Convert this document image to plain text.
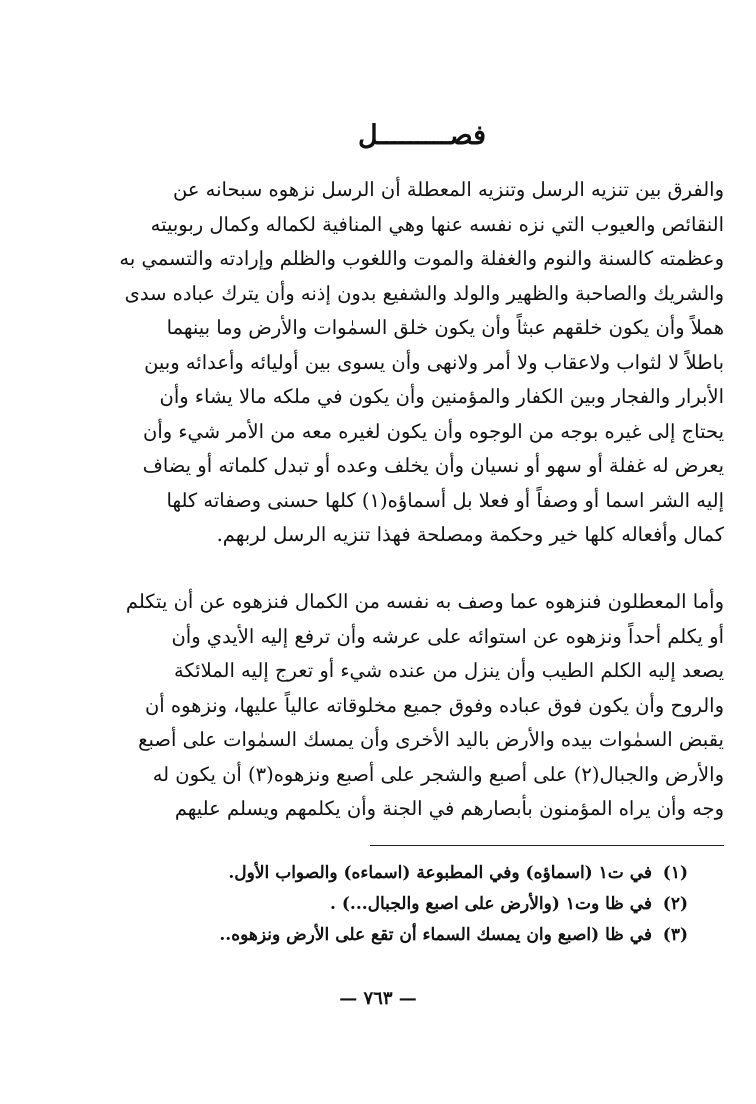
فصـــــــــل
والفرق بين تنزيه الرسل وتنزيه المعطلة أن الرسل نزهوه سبحانه عن
النقائص والعيوب التي نزه نفسه عنها وهي المنافية لكماله وكمال ربوبيته
وعظمته كالسنة والنوم والغفلة والموت واللغوب والظلم وإرادته والتسمي به
والشريك والصاحبة والظهير والولد والشفيع بدون إذنه وأن يترك عباده سدى
هملاً وأن يكون خلقهم عبثاً وأن يكون خلق السمٰوات والأرض وما بينهما
باطلاً لا لثواب ولاعقاب ولا أمر ولانهى وأن يسوى بين أوليائه وأعدائه وبين
الأبرار والفجار وبين الكفار والمؤمنين وأن يكون في ملكه مالا يشاء وأن
يحتاج إلى غيره بوجه من الوجوه وأن يكون لغيره معه من الأمر شيء وأن
يعرض له غفلة أو سهو أو نسيان وأن يخلف وعده أو تبدل كلماته أو يضاف
إليه الشر اسما أو وصفاً أو فعلا بل أسماؤه(١) كلها حسنى وصفاته كلها
كمال وأفعاله كلها خير وحكمة ومصلحة فهذا تنزيه الرسل لربهم.
وأما المعطلون فنزهوه عما وصف به نفسه من الكمال فنزهوه عن أن يتكلم
أو يكلم أحداً ونزهوه عن استوائه على عرشه وأن ترفع إليه الأيدي وأن
يصعد إليه الكلم الطيب وأن ينزل من عنده شيء أو تعرج إليه الملائكة
والروح وأن يكون فوق عباده وفوق جميع مخلوقاته عالياً عليها، ونزهوه أن
يقبض السمٰوات بيده والأرض باليد الأخرى وأن يمسك السمٰوات على أصبع
والأرض والجبال(٢) على أصبع والشجر على أصبع ونزهوه(٣) أن يكون له
وجه وأن يراه المؤمنون بأبصارهم في الجنة وأن يكلمهم ويسلم عليهم
(١)
في ت١ (اسماؤه) وفي المطبوعة (اسماءه) والصواب الأول.
(٢)
في ظا وت١ (والأرض على اصبع والجبال...) .
(٣)
في ظا (اصبع وان يمسك السماء أن تقع على الأرض ونزهوه..
— ٧٦٣ —
